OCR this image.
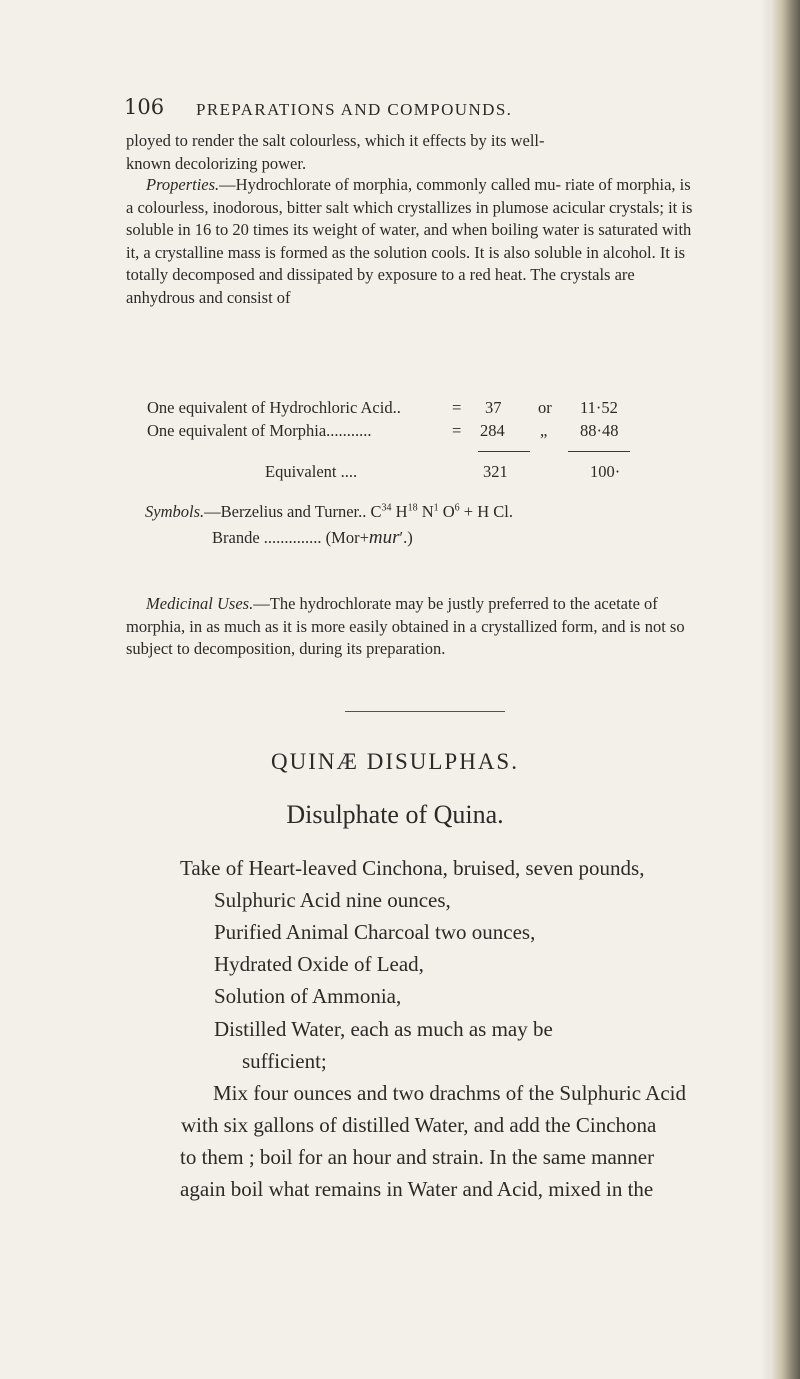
106 PREPARATIONS AND COMPOUNDS.
ployed to render the salt colourless, which it effects by its well-
known decolorizing power.

Properties.—Hydrochlorate of morphia, commonly called mu- riate of morphia, is a colourless, inodorous, bitter salt which crystallizes in plumose acicular crystals; it is soluble in 16 to 20 times its weight of water, and when boiling water is saturated with it, a crystalline mass is formed as the solution cools. It is also soluble in alcohol. It is totally decomposed and dissipated by exposure to a red heat. The crystals are anhydrous and consist of

One equivalent of Hydrochloric Acid..	= 37 or 11·52
One equivalent of Morphia...........	= 284 „ 88·48
Equivalent ....	321	100·
Symbols.—Berzelius and Turner.. $C^{34}$ $H^{18}$ $N^1$ $O^6 + H$ Cl.
Brande .............. (Mor+mur′.)

Medicinal Uses.—The hydrochlorate may be justly preferred to the acetate of morphia, in as much as it is more easily obtained in a crystallized form, and is not so subject to decomposition, during its preparation.

QUINÆ DISULPHAS.
Disulphate of Quina.
Take of Heart-leaved Cinchona, bruised, seven pounds,
Sulphuric Acid nine ounces,
Purified Animal Charcoal two ounces,
Hydrated Oxide of Lead,
Solution of Ammonia,
Distilled Water, each as much as may be
sufficient;
Mix four ounces and two drachms of the Sulphuric Acid
with six gallons of distilled Water, and add the Cinchona
to them ; boil for an hour and strain. In the same manner
again boil what remains in Water and Acid, mixed in the
